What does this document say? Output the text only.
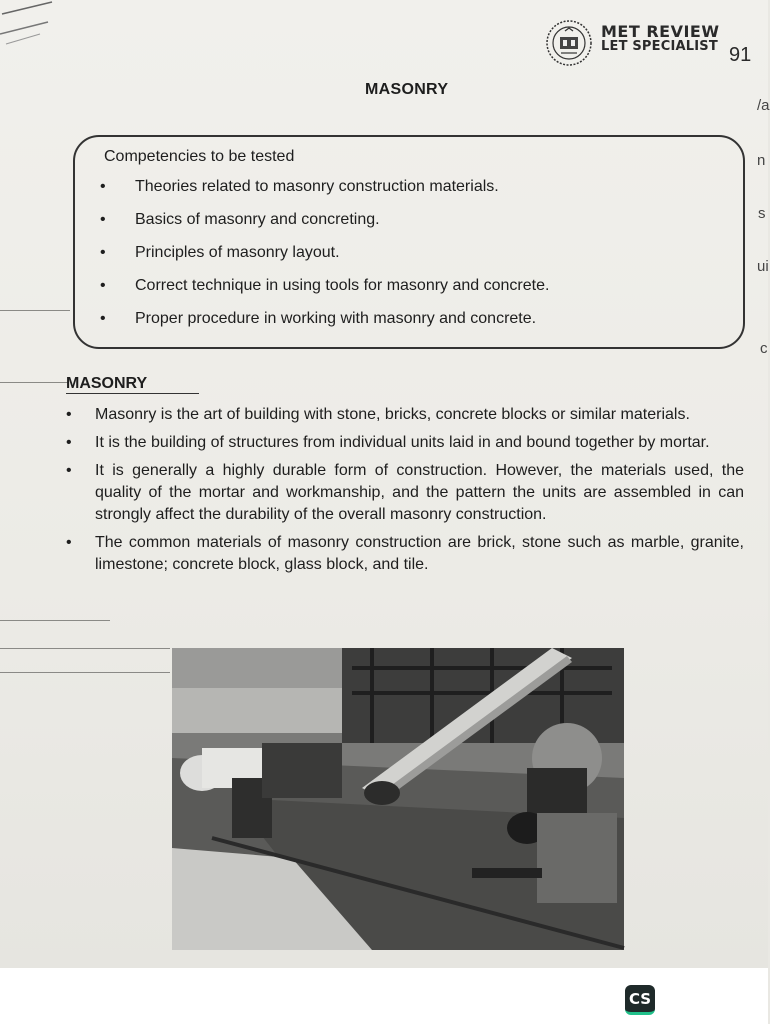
MET REVIEW
LET SPECIALIST 91
MASONRY
Competencies to be tested
• Theories related to masonry construction materials.
• Basics of masonry and concreting.
• Principles of masonry layout.
• Correct technique in using tools for masonry and concrete.
• Proper procedure in working with masonry and concrete.
MASONRY
• Masonry is the art of building with stone, bricks, concrete blocks or similar materials.
• It is the building of structures from individual units laid in and bound together by mortar.
• It is generally a highly durable form of construction. However, the materials used, the quality of the mortar and workmanship, and the pattern the units are assembled in can strongly affect the durability of the overall masonry construction.
• The common materials of masonry construction are brick, stone such as marble, granite, limestone; concrete block, glass block, and tile.
/a
n
s
ui
c
CS
